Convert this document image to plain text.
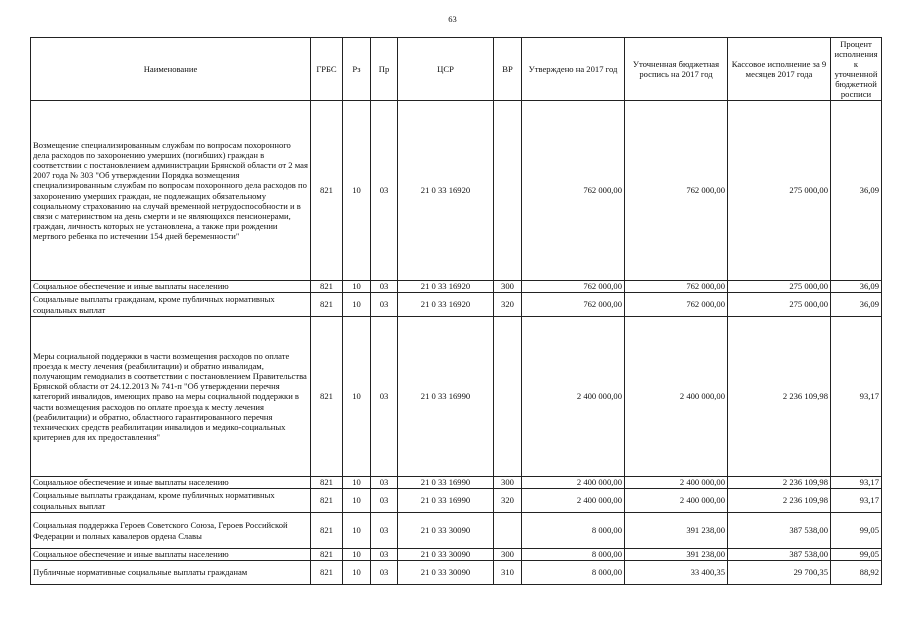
63
Наименование	ГРБС	Рз	Пр	ЦСР	ВР	Утверждено на 2017 год	Уточненная бюджетная роспись на 2017 год	Кассовое исполнение за 9 месяцев 2017 года	Процент исполнения к уточненной бюджетной росписи
Возмещение специализированным службам по вопросам похоронного дела расходов по захоронению умерших (погибших) граждан в соответствии с постановлением администрации Брянской области от 2 мая 2007 года № 303 "Об утверждении Порядка возмещения специализированным службам по вопросам похоронного дела расходов по захоронению умерших граждан, не подлежащих обязательному социальному страхованию на случай временной нетрудоспособности и в связи с материнством на день смерти и не являющихся пенсионерами, граждан, личность которых не установлена, а также при рождении мертвого ребенка по истечении 154 дней беременности"	821	10	03	21 0 33 16920		762 000,00	762 000,00	275 000,00	36,09
Социальное обеспечение и иные выплаты населению	821	10	03	21 0 33 16920	300	762 000,00	762 000,00	275 000,00	36,09
Социальные выплаты гражданам, кроме публичных нормативных социальных выплат	821	10	03	21 0 33 16920	320	762 000,00	762 000,00	275 000,00	36,09
Меры социальной поддержки в части возмещения расходов по оплате проезда к месту лечения (реабилитации) и обратно инвалидам, получающим гемодиализ в соответствии с постановлением Правительства Брянской области от 24.12.2013 № 741-п "Об утверждении перечня категорий инвалидов, имеющих право на меры социальной поддержки в части возмещения расходов по оплате проезда к месту лечения (реабилитации) и обратно, областного гарантированного перечня технических средств реабилитации инвалидов и медико-социальных критериев для их предоставления"	821	10	03	21 0 33 16990		2 400 000,00	2 400 000,00	2 236 109,98	93,17
Социальное обеспечение и иные выплаты населению	821	10	03	21 0 33 16990	300	2 400 000,00	2 400 000,00	2 236 109,98	93,17
Социальные выплаты гражданам, кроме публичных нормативных социальных выплат	821	10	03	21 0 33 16990	320	2 400 000,00	2 400 000,00	2 236 109,98	93,17
Социальная поддержка Героев Советского Союза, Героев Российской Федерации и полных кавалеров ордена Славы	821	10	03	21 0 33 30090		8 000,00	391 238,00	387 538,00	99,05
Социальное обеспечение и иные выплаты населению	821	10	03	21 0 33 30090	300	8 000,00	391 238,00	387 538,00	99,05
Публичные нормативные социальные выплаты гражданам	821	10	03	21 0 33 30090	310	8 000,00	33 400,35	29 700,35	88,92
